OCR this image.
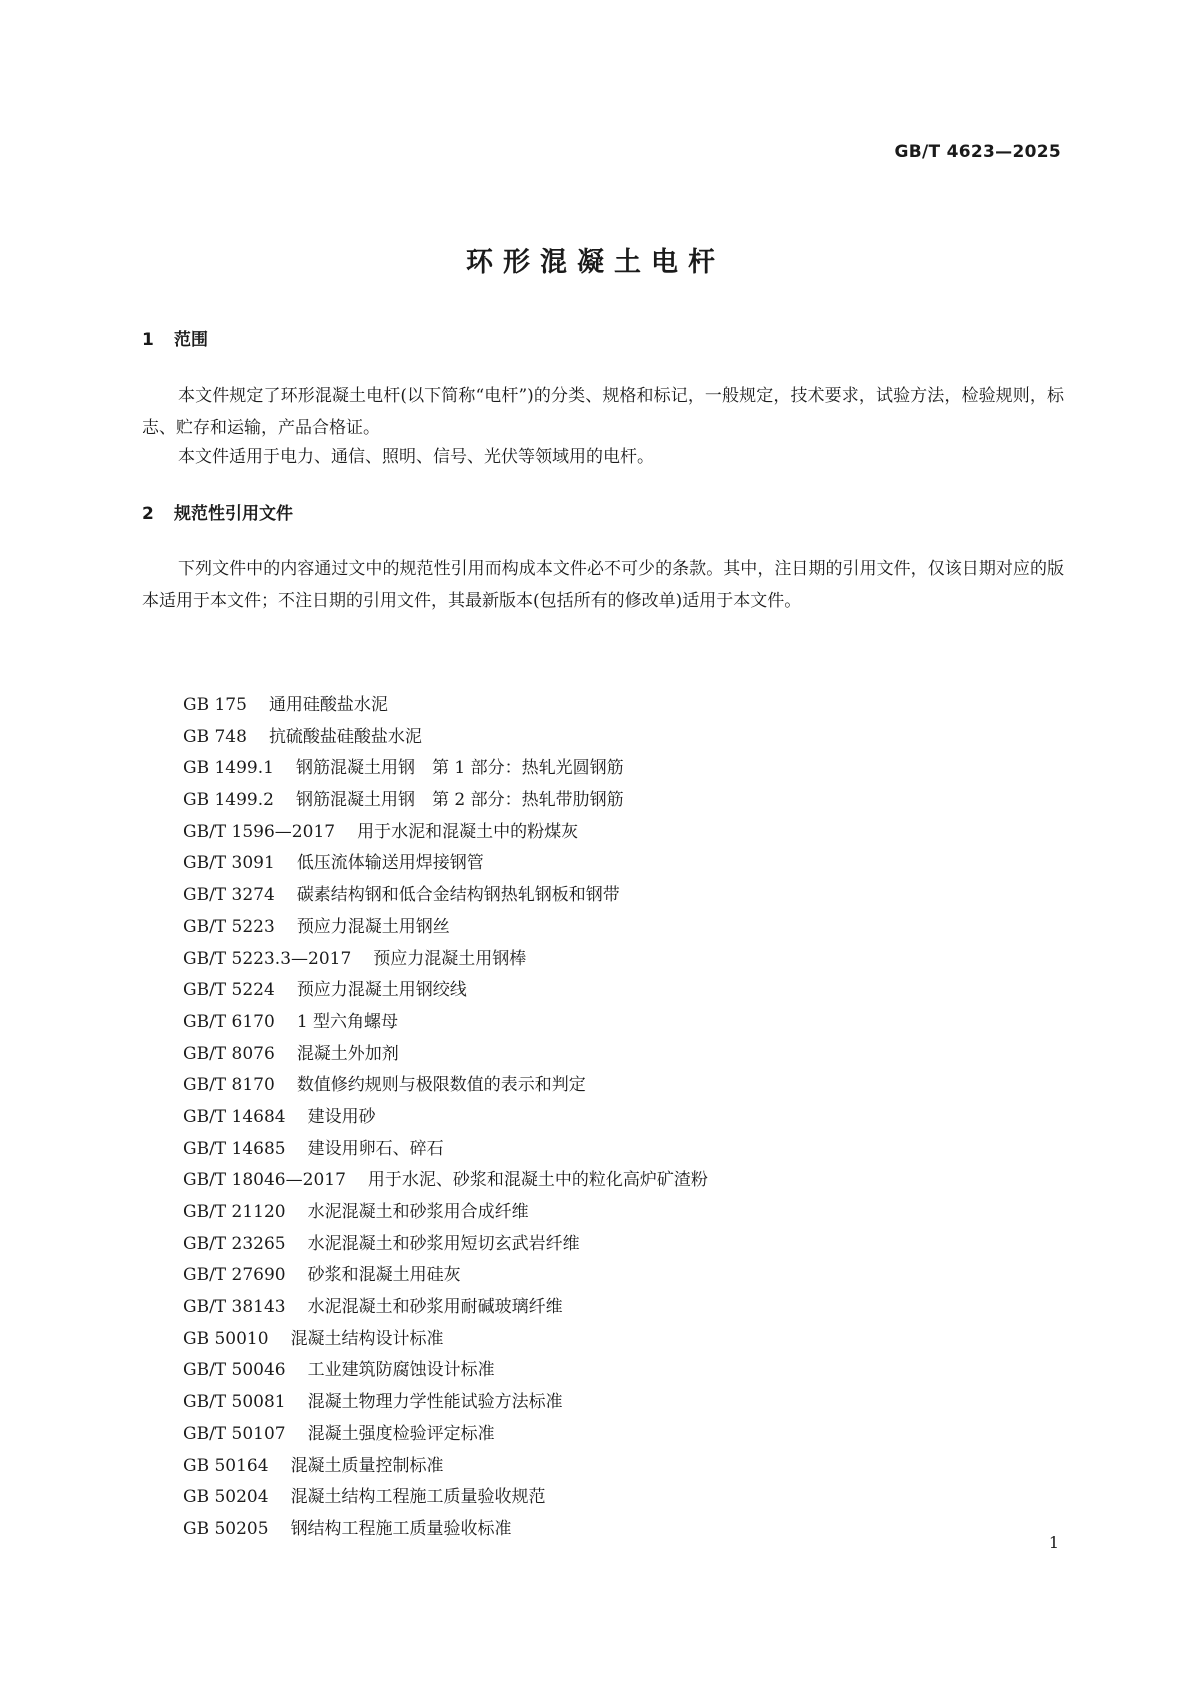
GB/T 4623—2025
环形混凝土电杆
1 范围

本文件规定了环形混凝土电杆(以下简称“电杆”)的分类、规格和标记，一般规定，技术要求，试验方法，检验规则，标志、贮存和运输，产品合格证。

本文件适用于电力、通信、照明、信号、光伏等领域用的电杆。

2 规范性引用文件

下列文件中的内容通过文中的规范性引用而构成本文件必不可少的条款。其中，注日期的引用文件，仅该日期对应的版本适用于本文件；不注日期的引用文件，其最新版本(包括所有的修改单)适用于本文件。

GB 175 通用硅酸盐水泥
GB 748 抗硫酸盐硅酸盐水泥
GB 1499.1 钢筋混凝土用钢　第 1 部分：热轧光圆钢筋
GB 1499.2 钢筋混凝土用钢　第 2 部分：热轧带肋钢筋
GB/T 1596—2017 用于水泥和混凝土中的粉煤灰
GB/T 3091 低压流体输送用焊接钢管
GB/T 3274 碳素结构钢和低合金结构钢热轧钢板和钢带
GB/T 5223 预应力混凝土用钢丝
GB/T 5223.3—2017 预应力混凝土用钢棒
GB/T 5224 预应力混凝土用钢绞线
GB/T 6170 1 型六角螺母
GB/T 8076 混凝土外加剂
GB/T 8170 数值修约规则与极限数值的表示和判定
GB/T 14684 建设用砂
GB/T 14685 建设用卵石、碎石
GB/T 18046—2017 用于水泥、砂浆和混凝土中的粒化高炉矿渣粉
GB/T 21120 水泥混凝土和砂浆用合成纤维
GB/T 23265 水泥混凝土和砂浆用短切玄武岩纤维
GB/T 27690 砂浆和混凝土用硅灰
GB/T 38143 水泥混凝土和砂浆用耐碱玻璃纤维
GB 50010 混凝土结构设计标准
GB/T 50046 工业建筑防腐蚀设计标准
GB/T 50081 混凝土物理力学性能试验方法标准
GB/T 50107 混凝土强度检验评定标准
GB 50164 混凝土质量控制标准
GB 50204 混凝土结构工程施工质量验收规范
GB 50205 钢结构工程施工质量验收标准
1
